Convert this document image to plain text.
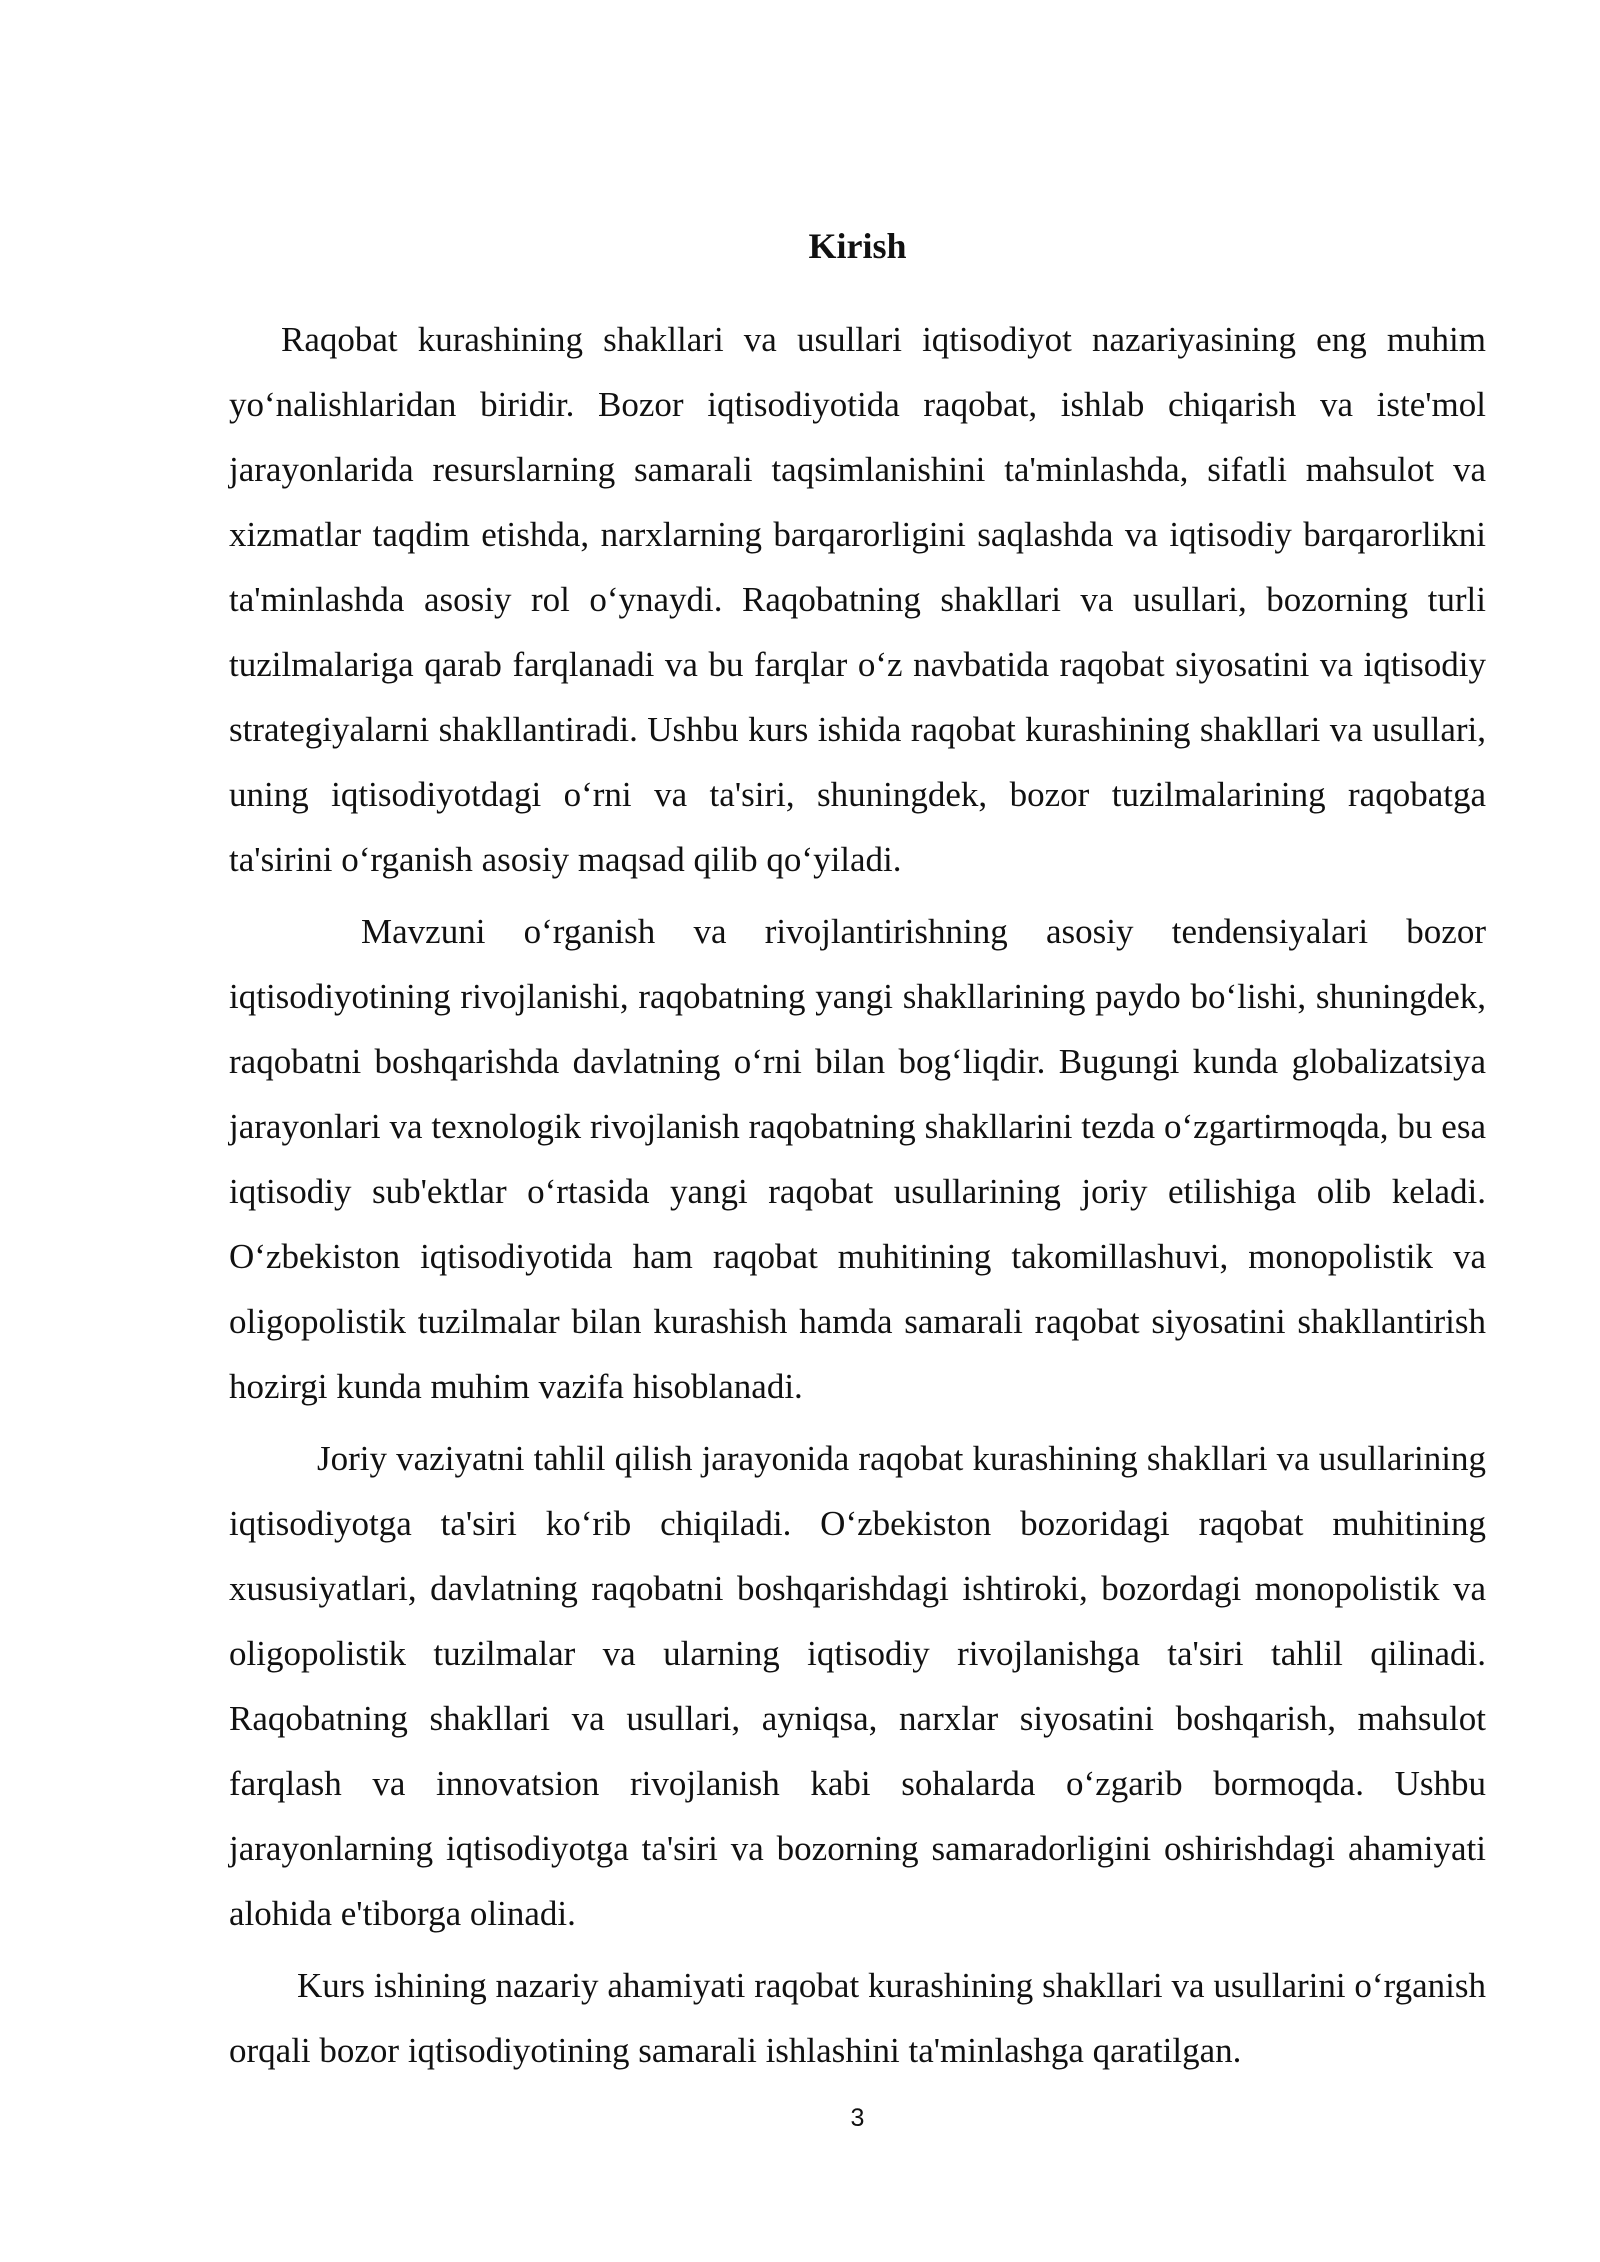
Kirish

Raqobat kurashining shakllari va usullari iqtisodiyot nazariyasining eng muhim yo‘nalishlaridan biridir. Bozor iqtisodiyotida raqobat, ishlab chiqarish va iste'mol jarayonlarida resurslarning samarali taqsimlanishini ta'minlashda, sifatli mahsulot va xizmatlar taqdim etishda, narxlarning barqarorligini saqlashda va iqtisodiy barqarorlikni ta'minlashda asosiy rol o‘ynaydi. Raqobatning shakllari va usullari, bozorning turli tuzilmalariga qarab farqlanadi va bu farqlar o‘z navbatida raqobat siyosatini va iqtisodiy strategiyalarni shakllantiradi. Ushbu kurs ishida raqobat kurashining shakllari va usullari, uning iqtisodiyotdagi o‘rni va ta'siri, shuningdek, bozor tuzilmalarining raqobatga ta'sirini o‘rganish asosiy maqsad qilib qo‘yiladi.

Mavzuni o‘rganish va rivojlantirishning asosiy tendensiyalari bozor iqtisodiyotining rivojlanishi, raqobatning yangi shakllarining paydo bo‘lishi, shuningdek, raqobatni boshqarishda davlatning o‘rni bilan bog‘liqdir. Bugungi kunda globalizatsiya jarayonlari va texnologik rivojlanish raqobatning shakllarini tezda o‘zgartirmoqda, bu esa iqtisodiy sub'ektlar o‘rtasida yangi raqobat usullarining joriy etilishiga olib keladi. O‘zbekiston iqtisodiyotida ham raqobat muhitining takomillashuvi, monopolistik va oligopolistik tuzilmalar bilan kurashish hamda samarali raqobat siyosatini shakllantirish hozirgi kunda muhim vazifa hisoblanadi.

Joriy vaziyatni tahlil qilish jarayonida raqobat kurashining shakllari va usullarining iqtisodiyotga ta'siri ko‘rib chiqiladi. O‘zbekiston bozoridagi raqobat muhitining xususiyatlari, davlatning raqobatni boshqarishdagi ishtiroki, bozordagi monopolistik va oligopolistik tuzilmalar va ularning iqtisodiy rivojlanishga ta'siri tahlil qilinadi. Raqobatning shakllari va usullari, ayniqsa, narxlar siyosatini boshqarish, mahsulot farqlash va innovatsion rivojlanish kabi sohalarda o‘zgarib bormoqda. Ushbu jarayonlarning iqtisodiyotga ta'siri va bozorning samaradorligini oshirishdagi ahamiyati alohida e'tiborga olinadi.

Kurs ishining nazariy ahamiyati raqobat kurashining shakllari va usullarini o‘rganish orqali bozor iqtisodiyotining samarali ishlashini ta'minlashga qaratilgan.

3
